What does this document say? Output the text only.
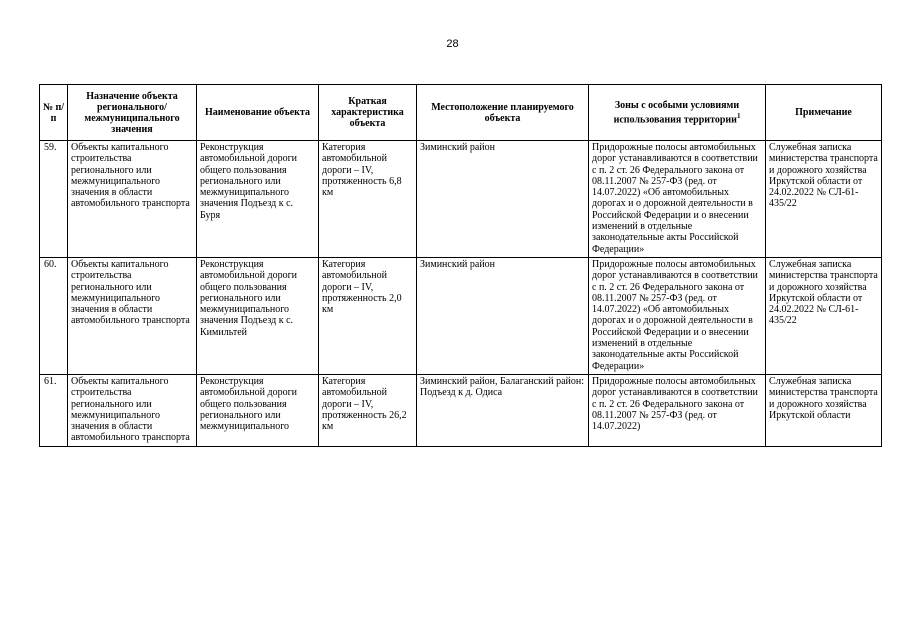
28
№ п/п	Назначение объекта регионального/ межмуниципального значения	Наименование объекта	Краткая характеристика объекта	Местоположение планируемого объекта	Зоны с особыми условиями использования территории$^1$	Примечание
59.	Объекты капитального строительства регионального или межмуниципального значения в области автомобильного транспорта	Реконструкция автомобильной дороги общего пользования регионального или межмуниципального значения Подъезд к с. Буря	Категория автомобильной дороги – IV, протяженность 6,8 км	Зиминский район	Придорожные полосы автомобильных дорог устанавливаются в соответствии с п. 2 ст. 26 Федерального закона от 08.11.2007 № 257-ФЗ (ред. от 14.07.2022) «Об автомобильных дорогах и о дорожной деятельности в Российской Федерации и о внесении изменений в отдельные законодательные акты Российской Федерации»	Служебная записка министерства транспорта и дорожного хозяйства Иркутской области от 24.02.2022 № СЛ-61-435/22
60.	Объекты капитального строительства регионального или межмуниципального значения в области автомобильного транспорта	Реконструкция автомобильной дороги общего пользования регионального или межмуниципального значения Подъезд к с. Кимильтей	Категория автомобильной дороги – IV, протяженность 2,0 км	Зиминский район	Придорожные полосы автомобильных дорог устанавливаются в соответствии с п. 2 ст. 26 Федерального закона от 08.11.2007 № 257-ФЗ (ред. от 14.07.2022) «Об автомобильных дорогах и о дорожной деятельности в Российской Федерации и о внесении изменений в отдельные законодательные акты Российской Федерации»	Служебная записка министерства транспорта и дорожного хозяйства Иркутской области от 24.02.2022 № СЛ-61-435/22
61.	Объекты капитального строительства регионального или межмуниципального значения в области автомобильного транспорта	Реконструкция автомобильной дороги общего пользования регионального или межмуниципального	Категория автомобильной дороги – IV, протяженность 26,2 км	Зиминский район, Балаганский район: Подъезд к д. Одиса	Придорожные полосы автомобильных дорог устанавливаются в соответствии с п. 2 ст. 26 Федерального закона от 08.11.2007 № 257-ФЗ (ред. от 14.07.2022)	Служебная записка министерства транспорта и дорожного хозяйства Иркутской области
